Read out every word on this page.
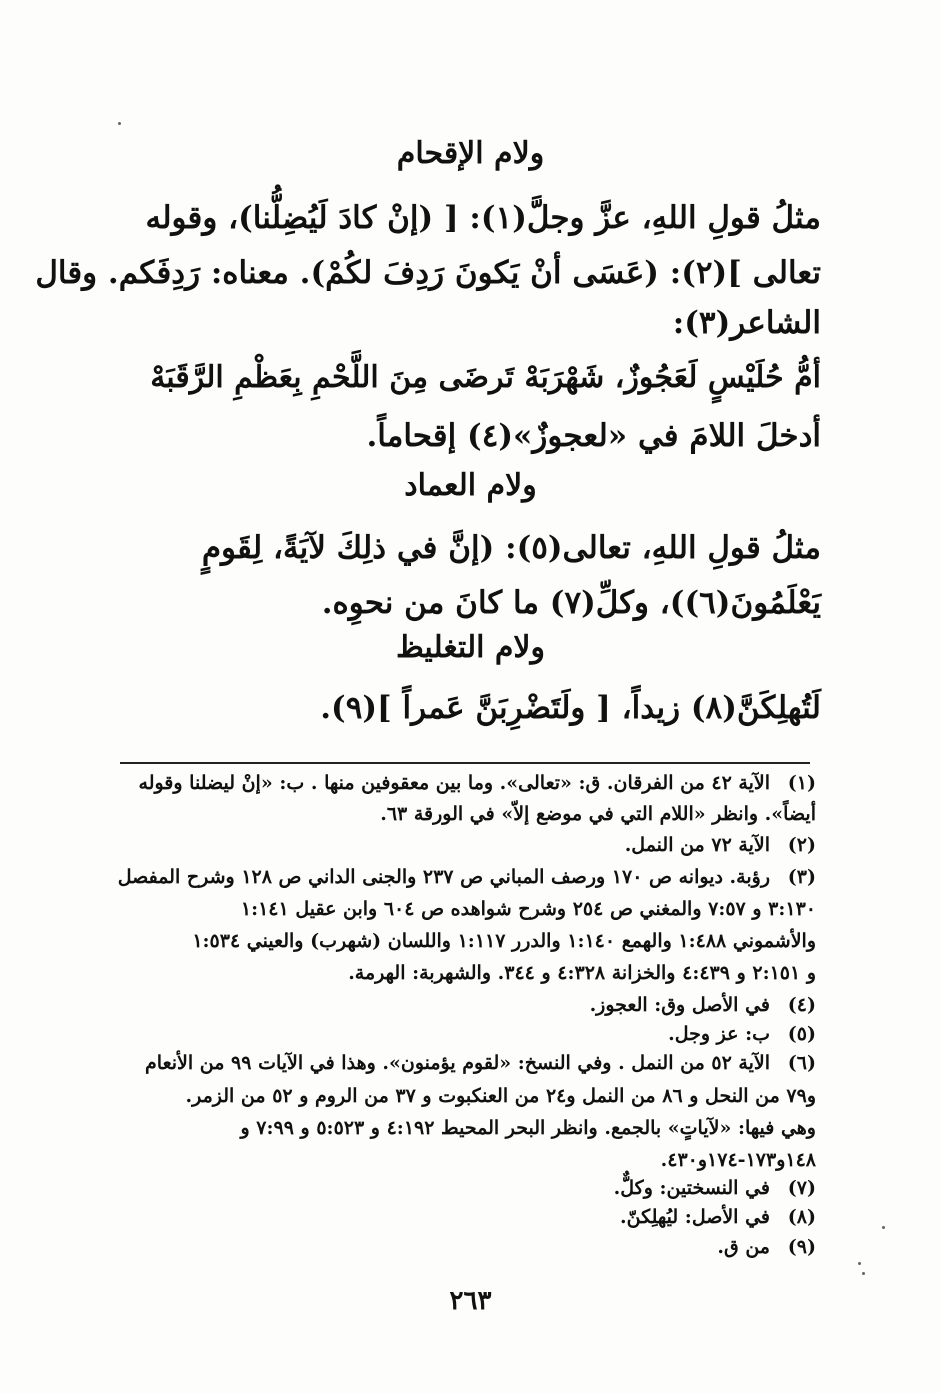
ولام الإقحام
مثلُ قولِ اللهِ، عزَّ وجلَّ(١): [ (إنْ كادَ لَيُضِلُّنا)، وقوله
تعالى ](٢): (عَسَى أنْ يَكونَ رَدِفَ لكُمْ). معناه: رَدِفَكم. وقال
الشاعر(٣):
أمُّ حُلَيْسٍ لَعَجُوزٌ، شَهْرَبَهْ تَرضَى مِنَ اللَّحْمِ بِعَظْمِ الرَّقَبَهْ
أدخلَ اللامَ في «لعجوزٌ»(٤) إقحاماً.
ولام العماد
مثلُ قولِ اللهِ، تعالى(٥): (إنَّ في ذلِكَ لآيَةً، لِقَومٍ
يَعْلَمُونَ(٦))، وكلِّ(٧) ما كانَ من نحوِه.
ولام التغليظ
لَتُهلِكَنَّ(٨) زيداً، [ ولَتَضْرِبَنَّ عَمراً ](٩).
(١)الآية ٤٢ من الفرقان. ق: «تعالى». وما بين معقوفين منها . ب: «إنْ ليضلنا وقوله
أيضاً». وانظر «اللام التي في موضع إلاّ» في الورقة ٦٣.
(٢)الآية ٧٢ من النمل.
(٣)رؤبة. ديوانه ص ١٧٠ ورصف المباني ص ٢٣٧ والجنى الداني ص ١٢٨ وشرح المفصل
٣:١٣٠ و ٧:٥٧ والمغني ص ٢٥٤ وشرح شواهده ص ٦٠٤ وابن عقيل ١:١٤١
والأشموني ١:٤٨٨ والهمع ١:١٤٠ والدرر ١:١١٧ واللسان (شهرب) والعيني ١:٥٣٤
و ٢:١٥١ و ٤:٤٣٩ والخزانة ٤:٣٢٨ و ٣٤٤. والشهربة: الهرمة.
(٤)في الأصل وق: العجوز.
(٥)ب: عز وجل.
(٦)الآية ٥٢ من النمل . وفي النسخ: «لقوم يؤمنون». وهذا في الآيات ٩٩ من الأنعام
و٧٩ من النحل و ٨٦ من النمل و٢٤ من العنكبوت و ٣٧ من الروم و ٥٢ من الزمر.
وهي فيها: «لآياتٍ» بالجمع. وانظر البحر المحيط ٤:١٩٢ و ٥:٥٢٣ و ٧:٩٩ و
١٤٨و١٧٣-١٧٤و٤٣٠.
(٧)في النسختين: وكلٌّ.
(٨)في الأصل: ليُهلِكنّ.
(٩)من ق.
٢٦٣
